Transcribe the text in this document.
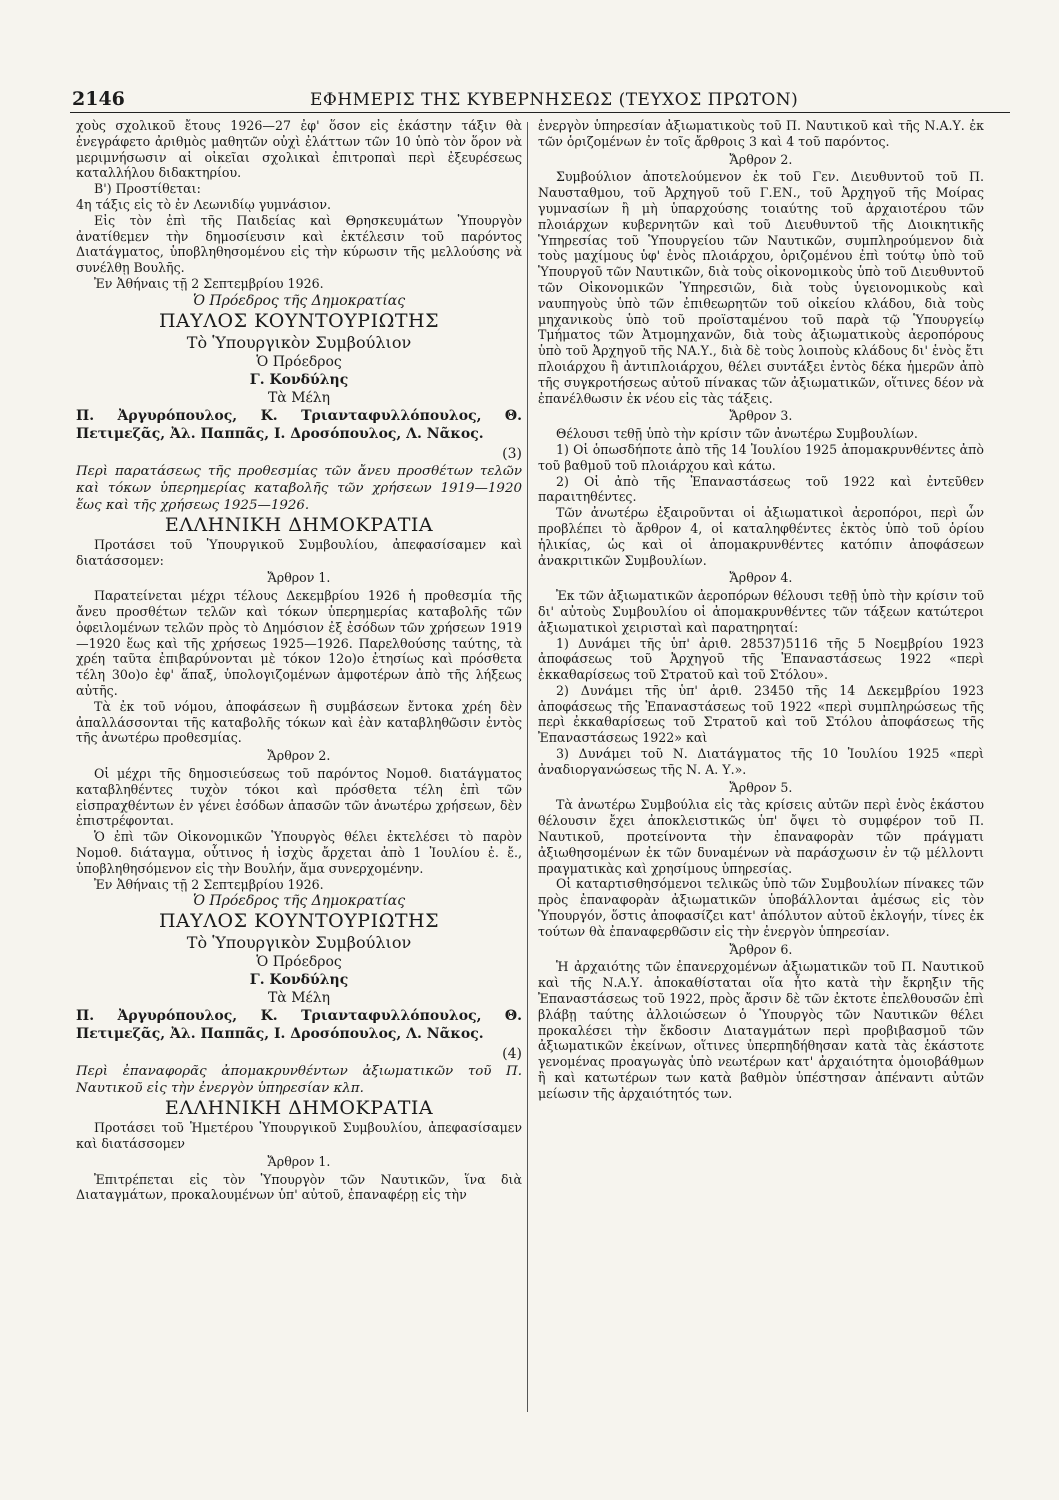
2146	ΕΦΗΜΕΡΙΣ ΤΗΣ ΚΥΒΕΡΝΗΣΕΩΣ (ΤΕΥΧΟΣ ΠΡΩΤΟΝ)

χοὺς σχολικοῦ ἔτους 1926—27 ἐφ' ὅσον εἰς ἑκάστην τάξιν θὰ ἐνεγράφετο ἀριθμὸς μαθητῶν οὐχὶ ἐλάττων τῶν 10 ὑπὸ τὸν ὅρον νὰ μεριμνήσωσιν αἱ οἰκεῖαι σχολικαὶ ἐπιτροπαὶ περὶ ἐξευρέσεως καταλλήλου διδακτηρίου.

Β') Προστίθεται:

4η τάξις εἰς τὸ ἐν Λεωνιδίῳ γυμνάσιον.

Εἰς τὸν ἐπὶ τῆς Παιδείας καὶ Θρησκευμάτων Ὑπουργὸν ἀνατίθεμεν τὴν δημοσίευσιν καὶ ἐκτέλεσιν τοῦ παρόντος Διατάγματος, ὑποβληθησομένου εἰς τὴν κύρωσιν τῆς μελλούσης νὰ συνέλθῃ Βουλῆς.

Ἐν Ἀθήναις τῇ 2 Σεπτεμβρίου 1926.

Ὁ Πρόεδρος τῆς Δημοκρατίας
ΠΑΥΛΟΣ ΚΟΥΝΤΟΥΡΙΩΤΗΣ
Τὸ Ὑπουργικὸν Συμβούλιον
Ὁ Πρόεδρος
Γ. Κονδύλης
Τὰ Μέλη

Π. Ἀργυρόπουλος, Κ. Τριανταφυλλόπουλος, Θ. Πετιμεζᾶς, Ἀλ. Παππᾶς, Ι. Δροσόπουλος, Λ. Νᾶκος.

(3)

Περὶ παρατάσεως τῆς προθεσμίας τῶν ἄνευ προσθέτων τελῶν καὶ τόκων ὑπερημερίας καταβολῆς τῶν χρήσεων 1919—1920 ἕως καὶ τῆς χρήσεως 1925—1926.

ΕΛΛΗΝΙΚΗ ΔΗΜΟΚΡΑΤΙΑ

Προτάσει τοῦ Ὑπουργικοῦ Συμβουλίου, ἀπεφασίσαμεν καὶ διατάσσομεν:

Ἄρθρον 1.

Παρατείνεται μέχρι τέλους Δεκεμβρίου 1926 ἡ προθεσμία τῆς ἄνευ προσθέτων τελῶν καὶ τόκων ὑπερημερίας καταβολῆς τῶν ὀφειλομένων τελῶν πρὸς τὸ Δημόσιον ἐξ ἐσόδων τῶν χρήσεων 1919—1920 ἕως καὶ τῆς χρήσεως 1925—1926. Παρελθούσης ταύτης, τὰ χρέη ταῦτα ἐπιβαρύνονται μὲ τόκον 12ο)ο ἐτησίως καὶ πρόσθετα τέλη 30ο)ο ἐφ' ἅπαξ, ὑπολογιζομένων ἀμφοτέρων ἀπὸ τῆς λήξεως αὐτῆς.

Τὰ ἐκ τοῦ νόμου, ἀποφάσεων ἢ συμβάσεων ἔντοκα χρέη δὲν ἀπαλλάσσονται τῆς καταβολῆς τόκων καὶ ἐὰν καταβληθῶσιν ἐντὸς τῆς ἀνωτέρω προθεσμίας.

Ἄρθρον 2.

Οἱ μέχρι τῆς δημοσιεύσεως τοῦ παρόντος Νομοθ. διατάγματος καταβληθέντες τυχὸν τόκοι καὶ πρόσθετα τέλη ἐπὶ τῶν εἰσπραχθέντων ἐν γένει ἐσόδων ἁπασῶν τῶν ἀνωτέρω χρήσεων, δὲν ἐπιστρέφονται.

Ὁ ἐπὶ τῶν Οἰκονομικῶν Ὑπουργὸς θέλει ἐκτελέσει τὸ παρὸν Νομοθ. διάταγμα, οὗτινος ἡ ἰσχὺς ἄρχεται ἀπὸ 1 Ἰουλίου ἐ. ἔ., ὑποβληθησόμενον εἰς τὴν Βουλήν, ἅμα συνερχομένην.

Ἐν Ἀθήναις τῇ 2 Σεπτεμβρίου 1926.

Ὁ Πρόεδρος τῆς Δημοκρατίας
ΠΑΥΛΟΣ ΚΟΥΝΤΟΥΡΙΩΤΗΣ
Τὸ Ὑπουργικὸν Συμβούλιον
Ὁ Πρόεδρος
Γ. Κονδύλης
Τὰ Μέλη

Π. Ἀργυρόπουλος, Κ. Τριανταφυλλόπουλος, Θ. Πετιμεζᾶς, Ἀλ. Παππᾶς, Ι. Δροσόπουλος, Λ. Νᾶκος.

(4)

Περὶ ἐπαναφορᾶς ἀπομακρυνθέντων ἀξιωματικῶν τοῦ Π. Ναυτικοῦ εἰς τὴν ἐνεργὸν ὑπηρεσίαν κλπ.

ΕΛΛΗΝΙΚΗ ΔΗΜΟΚΡΑΤΙΑ

Προτάσει τοῦ Ἡμετέρου Ὑπουργικοῦ Συμβουλίου, ἀπεφασίσαμεν καὶ διατάσσομεν

Ἄρθρον 1.

Ἐπιτρέπεται εἰς τὸν Ὑπουργὸν τῶν Ναυτικῶν, ἵνα διὰ Διαταγμάτων, προκαλουμένων ὑπ' αὐτοῦ, ἐπαναφέρῃ εἰς τὴν

ἐνεργὸν ὑπηρεσίαν ἀξιωματικοὺς τοῦ Π. Ναυτικοῦ καὶ τῆς Ν.Α.Υ. ἐκ τῶν ὁριζομένων ἐν τοῖς ἄρθροις 3 καὶ 4 τοῦ παρόντος.

Ἄρθρον 2.

Συμβούλιον ἀποτελούμενον ἐκ τοῦ Γεν. Διευθυντοῦ τοῦ Π. Ναυσταθμου, τοῦ Ἀρχηγοῦ τοῦ Γ.ΕΝ., τοῦ Ἀρχηγοῦ τῆς Μοίρας γυμνασίων ἢ μὴ ὑπαρχούσης τοιαύτης τοῦ ἀρχαιοτέρου τῶν πλοιάρχων κυβερνητῶν καὶ τοῦ Διευθυντοῦ τῆς Διοικητικῆς Ὑπηρεσίας τοῦ Ὑπουργείου τῶν Ναυτικῶν, συμπληρούμενον διὰ τοὺς μαχίμους ὑφ' ἑνὸς πλοιάρχου, ὁριζομένου ἐπὶ τούτῳ ὑπὸ τοῦ Ὑπουργοῦ τῶν Ναυτικῶν, διὰ τοὺς οἰκονομικοὺς ὑπὸ τοῦ Διευθυντοῦ τῶν Οἰκονομικῶν Ὑπηρεσιῶν, διὰ τοὺς ὑγειονομικοὺς καὶ ναυπηγοὺς ὑπὸ τῶν ἐπιθεωρητῶν τοῦ οἰκείου κλάδου, διὰ τοὺς μηχανικοὺς ὑπὸ τοῦ προϊσταμένου τοῦ παρὰ τῷ Ὑπουργείῳ Τμήματος τῶν Ἀτμομηχανῶν, διὰ τοὺς ἀξιωματικοὺς ἀεροπόρους ὑπὸ τοῦ Ἀρχηγοῦ τῆς ΝΑ.Υ., διὰ δὲ τοὺς λοιποὺς κλάδους δι' ἑνὸς ἔτι πλοιάρχου ἢ ἀντιπλοιάρχου, θέλει συντάξει ἐντὸς δέκα ἡμερῶν ἀπὸ τῆς συγκροτήσεως αὐτοῦ πίνακας τῶν ἀξιωματικῶν, οἵτινες δέον νὰ ἐπανέλθωσιν ἐκ νέου εἰς τὰς τάξεις.

Ἄρθρον 3.

Θέλουσι τεθῇ ὑπὸ τὴν κρίσιν τῶν ἀνωτέρω Συμβουλίων.

1) Οἱ ὁπωσδήποτε ἀπὸ τῆς 14 Ἰουλίου 1925 ἀπομακρυνθέντες ἀπὸ τοῦ βαθμοῦ τοῦ πλοιάρχου καὶ κάτω.

2) Οἱ ἀπὸ τῆς Ἐπαναστάσεως τοῦ 1922 καὶ ἐντεῦθεν παραιτηθέντες.

Τῶν ἀνωτέρω ἐξαιροῦνται οἱ ἀξιωματικοὶ ἀεροπόροι, περὶ ὧν προβλέπει τὸ ἄρθρον 4, οἱ καταληφθέντες ἐκτὸς ὑπὸ τοῦ ὁρίου ἡλικίας, ὡς καὶ οἱ ἀπομακρυνθέντες κατόπιν ἀποφάσεων ἀνακριτικῶν Συμβουλίων.

Ἄρθρον 4.

Ἐκ τῶν ἀξιωματικῶν ἀεροπόρων θέλουσι τεθῇ ὑπὸ τὴν κρίσιν τοῦ δι' αὐτοὺς Συμβουλίου οἱ ἀπομακρυνθέντες τῶν τάξεων κατώτεροι ἀξιωματικοὶ χειρισταὶ καὶ παρατηρηταί:

1) Δυνάμει τῆς ὑπ' ἀριθ. 28537)5116 τῆς 5 Νοεμβρίου 1923 ἀποφάσεως τοῦ Ἀρχηγοῦ τῆς Ἐπαναστάσεως 1922 «περὶ ἐκκαθαρίσεως τοῦ Στρατοῦ καὶ τοῦ Στόλου».

2) Δυνάμει τῆς ὑπ' ἀριθ. 23450 τῆς 14 Δεκεμβρίου 1923 ἀποφάσεως τῆς Ἐπαναστάσεως τοῦ 1922 «περὶ συμπληρώσεως τῆς περὶ ἐκκαθαρίσεως τοῦ Στρατοῦ καὶ τοῦ Στόλου ἀποφάσεως τῆς Ἐπαναστάσεως 1922» καὶ

3) Δυνάμει τοῦ Ν. Διατάγματος τῆς 10 Ἰουλίου 1925 «περὶ ἀναδιοργανώσεως τῆς Ν. Α. Υ.».

Ἄρθρον 5.

Τὰ ἀνωτέρω Συμβούλια εἰς τὰς κρίσεις αὐτῶν περὶ ἑνὸς ἑκάστου θέλουσιν ἔχει ἀποκλειστικῶς ὑπ' ὄψει τὸ συμφέρον τοῦ Π. Ναυτικοῦ, προτείνοντα τὴν ἐπαναφορὰν τῶν πράγματι ἀξιωθησομένων ἐκ τῶν δυναμένων νὰ παράσχωσιν ἐν τῷ μέλλοντι πραγματικὰς καὶ χρησίμους ὑπηρεσίας.

Οἱ καταρτισθησόμενοι τελικῶς ὑπὸ τῶν Συμβουλίων πίνακες τῶν πρὸς ἐπαναφορὰν ἀξιωματικῶν ὑποβάλλονται ἀμέσως εἰς τὸν Ὑπουργόν, ὅστις ἀποφασίζει κατ' ἀπόλυτον αὐτοῦ ἐκλογήν, τίνες ἐκ τούτων θὰ ἐπαναφερθῶσιν εἰς τὴν ἐνεργὸν ὑπηρεσίαν.

Ἄρθρον 6.

Ἡ ἀρχαιότης τῶν ἐπανερχομένων ἀξιωματικῶν τοῦ Π. Ναυτικοῦ καὶ τῆς Ν.Α.Υ. ἀποκαθίσταται οἵα ἦτο κατὰ τὴν ἔκρηξιν τῆς Ἐπαναστάσεως τοῦ 1922, πρὸς ἄρσιν δὲ τῶν ἐκτοτε ἐπελθουσῶν ἐπὶ βλάβῃ ταύτης ἀλλοιώσεων ὁ Ὑπουργὸς τῶν Ναυτικῶν θέλει προκαλέσει τὴν ἔκδοσιν Διαταγμάτων περὶ προβιβασμοῦ τῶν ἀξιωματικῶν ἐκείνων, οἵτινες ὑπερπηδήθησαν κατὰ τὰς ἑκάστοτε γενομένας προαγωγὰς ὑπὸ νεωτέρων κατ' ἀρχαιότητα ὁμοιοβάθμων ἢ καὶ κατωτέρων των κατὰ βαθμὸν ὑπέστησαν ἀπέναντι αὐτῶν μείωσιν τῆς ἀρχαιότητός των.
